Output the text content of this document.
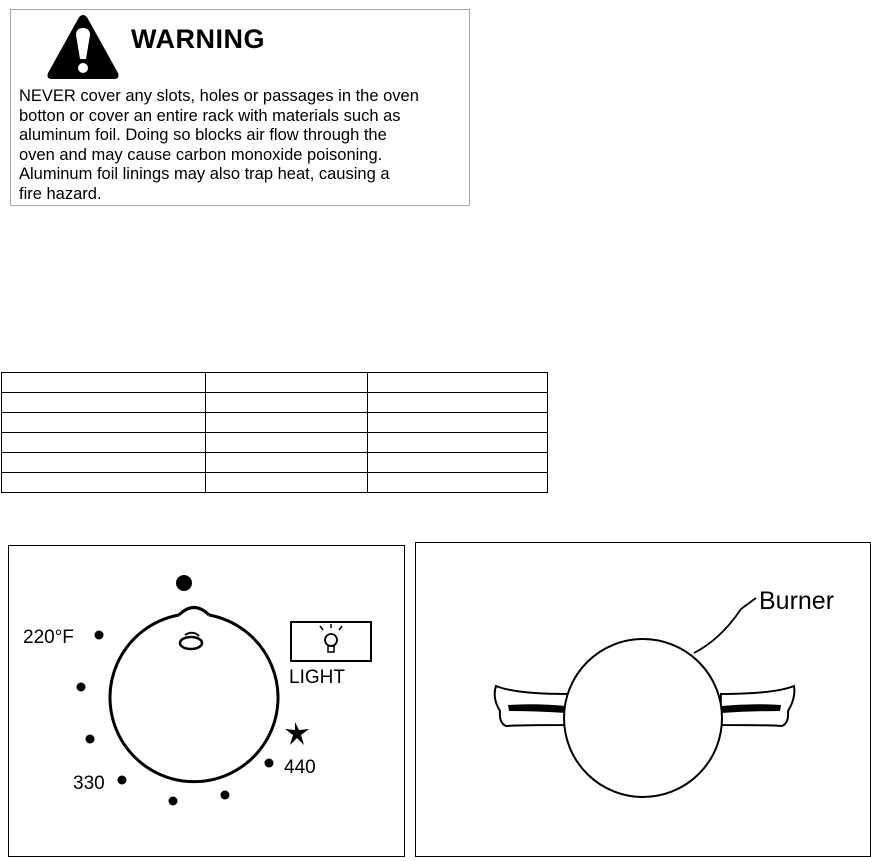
WARNING

NEVER cover any slots, holes or passages in the oven
botton or cover an entire rack with materials such as
aluminum foil. Doing so blocks air flow through the
oven and may cause carbon monoxide poisoning.
Aluminum foil linings may also trap heat, causing a
fire hazard.

220°F
330
440
LIGHT
Burner
